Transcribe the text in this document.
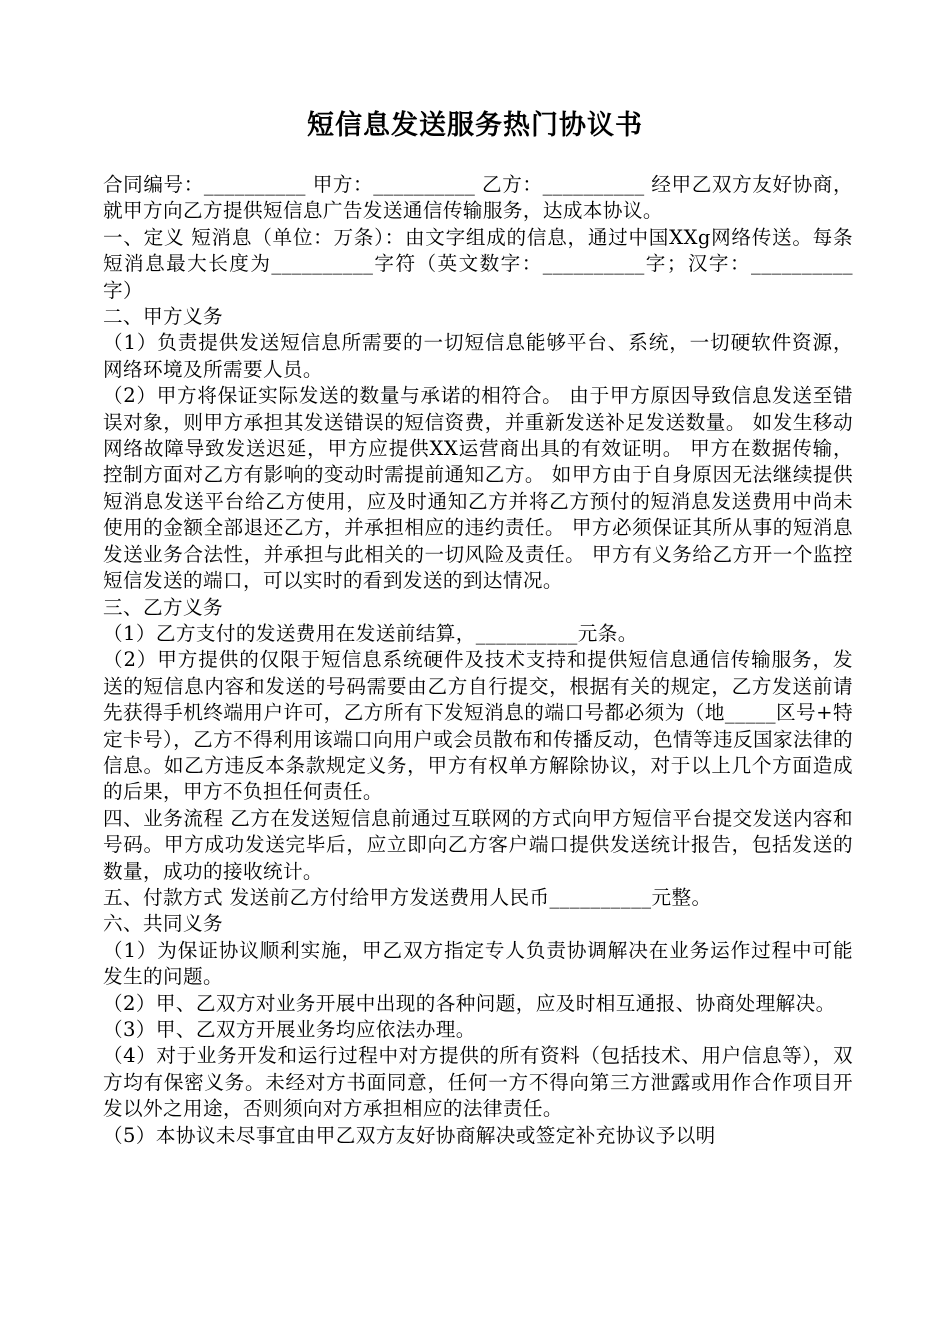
短信息发送服务热门协议书

合同编号：__________ 甲方：__________ 乙方：__________ 经甲乙双方友好协商，就甲方向乙方提供短信息广告发送通信传输服务，达成本协议。

一、定义 短消息（单位：万条）：由文字组成的信息，通过中国XXg网络传送。每条短消息最大长度为__________字符（英文数字：__________字；汉字：__________字）

二、甲方义务

（1）负责提供发送短信息所需要的一切短信息能够平台、系统，一切硬软件资源，网络环境及所需要人员。

（2）甲方将保证实际发送的数量与承诺的相符合。 由于甲方原因导致信息发送至错误对象，则甲方承担其发送错误的短信资费，并重新发送补足发送数量。 如发生移动网络故障导致发送迟延，甲方应提供XX运营商出具的有效证明。 甲方在数据传输，控制方面对乙方有影响的变动时需提前通知乙方。 如甲方由于自身原因无法继续提供短消息发送平台给乙方使用，应及时通知乙方并将乙方预付的短消息发送费用中尚未使用的金额全部退还乙方，并承担相应的违约责任。 甲方必须保证其所从事的短消息发送业务合法性，并承担与此相关的一切风险及责任。 甲方有义务给乙方开一个监控短信发送的端口，可以实时的看到发送的到达情况。

三、乙方义务

（1）乙方支付的发送费用在发送前结算，__________元条。

（2）甲方提供的仅限于短信息系统硬件及技术支持和提供短信息通信传输服务，发送的短信息内容和发送的号码需要由乙方自行提交，根据有关的规定，乙方发送前请先获得手机终端用户许可，乙方所有下发短消息的端口号都必须为（地_____区号+特定卡号），乙方不得利用该端口向用户或会员散布和传播反动，色情等违反国家法律的信息。如乙方违反本条款规定义务，甲方有权单方解除协议，对于以上几个方面造成的后果，甲方不负担任何责任。

四、业务流程 乙方在发送短信息前通过互联网的方式向甲方短信平台提交发送内容和号码。甲方成功发送完毕后，应立即向乙方客户端口提供发送统计报告，包括发送的数量，成功的接收统计。

五、付款方式 发送前乙方付给甲方发送费用人民币__________元整。

六、共同义务

（1）为保证协议顺利实施，甲乙双方指定专人负责协调解决在业务运作过程中可能发生的问题。

（2）甲、乙双方对业务开展中出现的各种问题，应及时相互通报、协商处理解决。

（3）甲、乙双方开展业务均应依法办理。

（4）对于业务开发和运行过程中对方提供的所有资料（包括技术、用户信息等），双方均有保密义务。未经对方书面同意，任何一方不得向第三方泄露或用作合作项目开发以外之用途，否则须向对方承担相应的法律责任。

（5）本协议未尽事宜由甲乙双方友好协商解决或签定补充协议予以明
